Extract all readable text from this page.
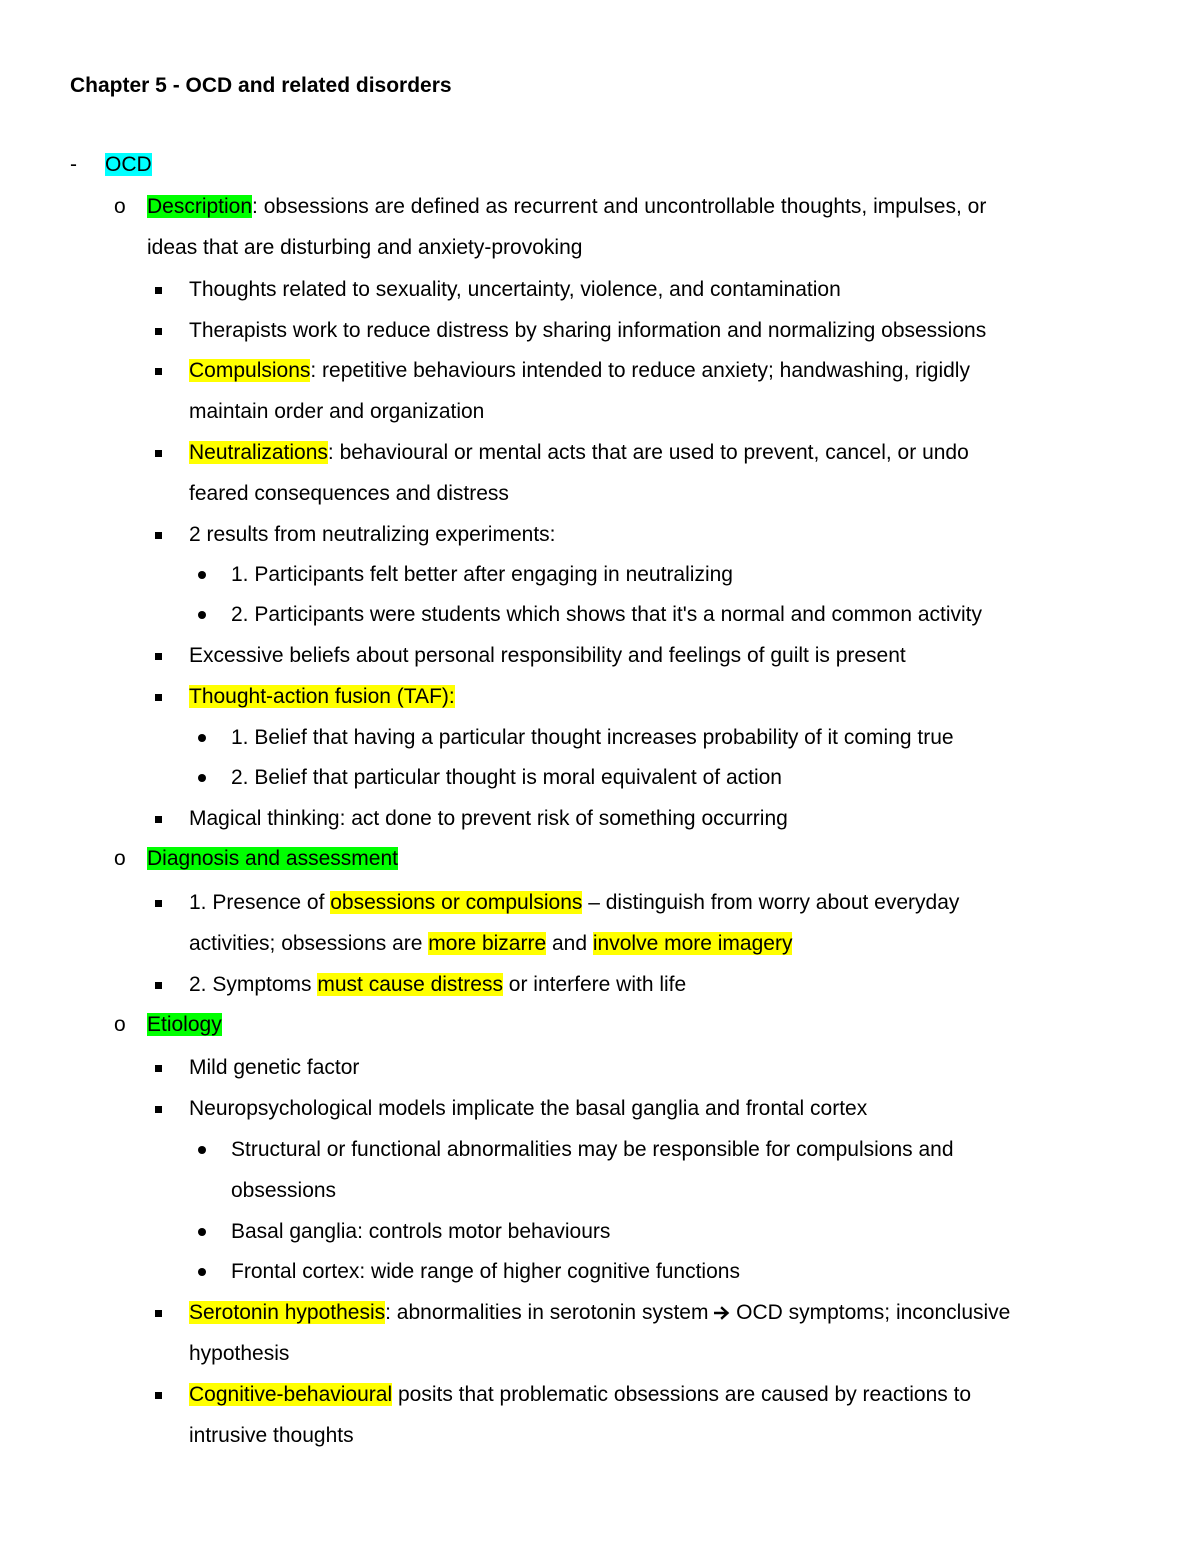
Chapter 5 - OCD and related disorders
- OCD
o Description: obsessions are defined as recurrent and uncontrollable thoughts, impulses, or
ideas that are disturbing and anxiety-provoking
Thoughts related to sexuality, uncertainty, violence, and contamination
Therapists work to reduce distress by sharing information and normalizing obsessions
Compulsions: repetitive behaviours intended to reduce anxiety; handwashing, rigidly
maintain order and organization
Neutralizations: behavioural or mental acts that are used to prevent, cancel, or undo
feared consequences and distress
2 results from neutralizing experiments:
1. Participants felt better after engaging in neutralizing
2. Participants were students which shows that it's a normal and common activity
Excessive beliefs about personal responsibility and feelings of guilt is present
Thought-action fusion (TAF):
1. Belief that having a particular thought increases probability of it coming true
2. Belief that particular thought is moral equivalent of action
Magical thinking: act done to prevent risk of something occurring
o Diagnosis and assessment
1. Presence of obsessions or compulsions – distinguish from worry about everyday
activities; obsessions are more bizarre and involve more imagery
2. Symptoms must cause distress or interfere with life
o Etiology
Mild genetic factor
Neuropsychological models implicate the basal ganglia and frontal cortex
Structural or functional abnormalities may be responsible for compulsions and
obsessions
Basal ganglia: controls motor behaviours
Frontal cortex: wide range of higher cognitive functions
Serotonin hypothesis: abnormalities in serotonin system  OCD symptoms; inconclusive
hypothesis
Cognitive-behavioural posits that problematic obsessions are caused by reactions to
intrusive thoughts
